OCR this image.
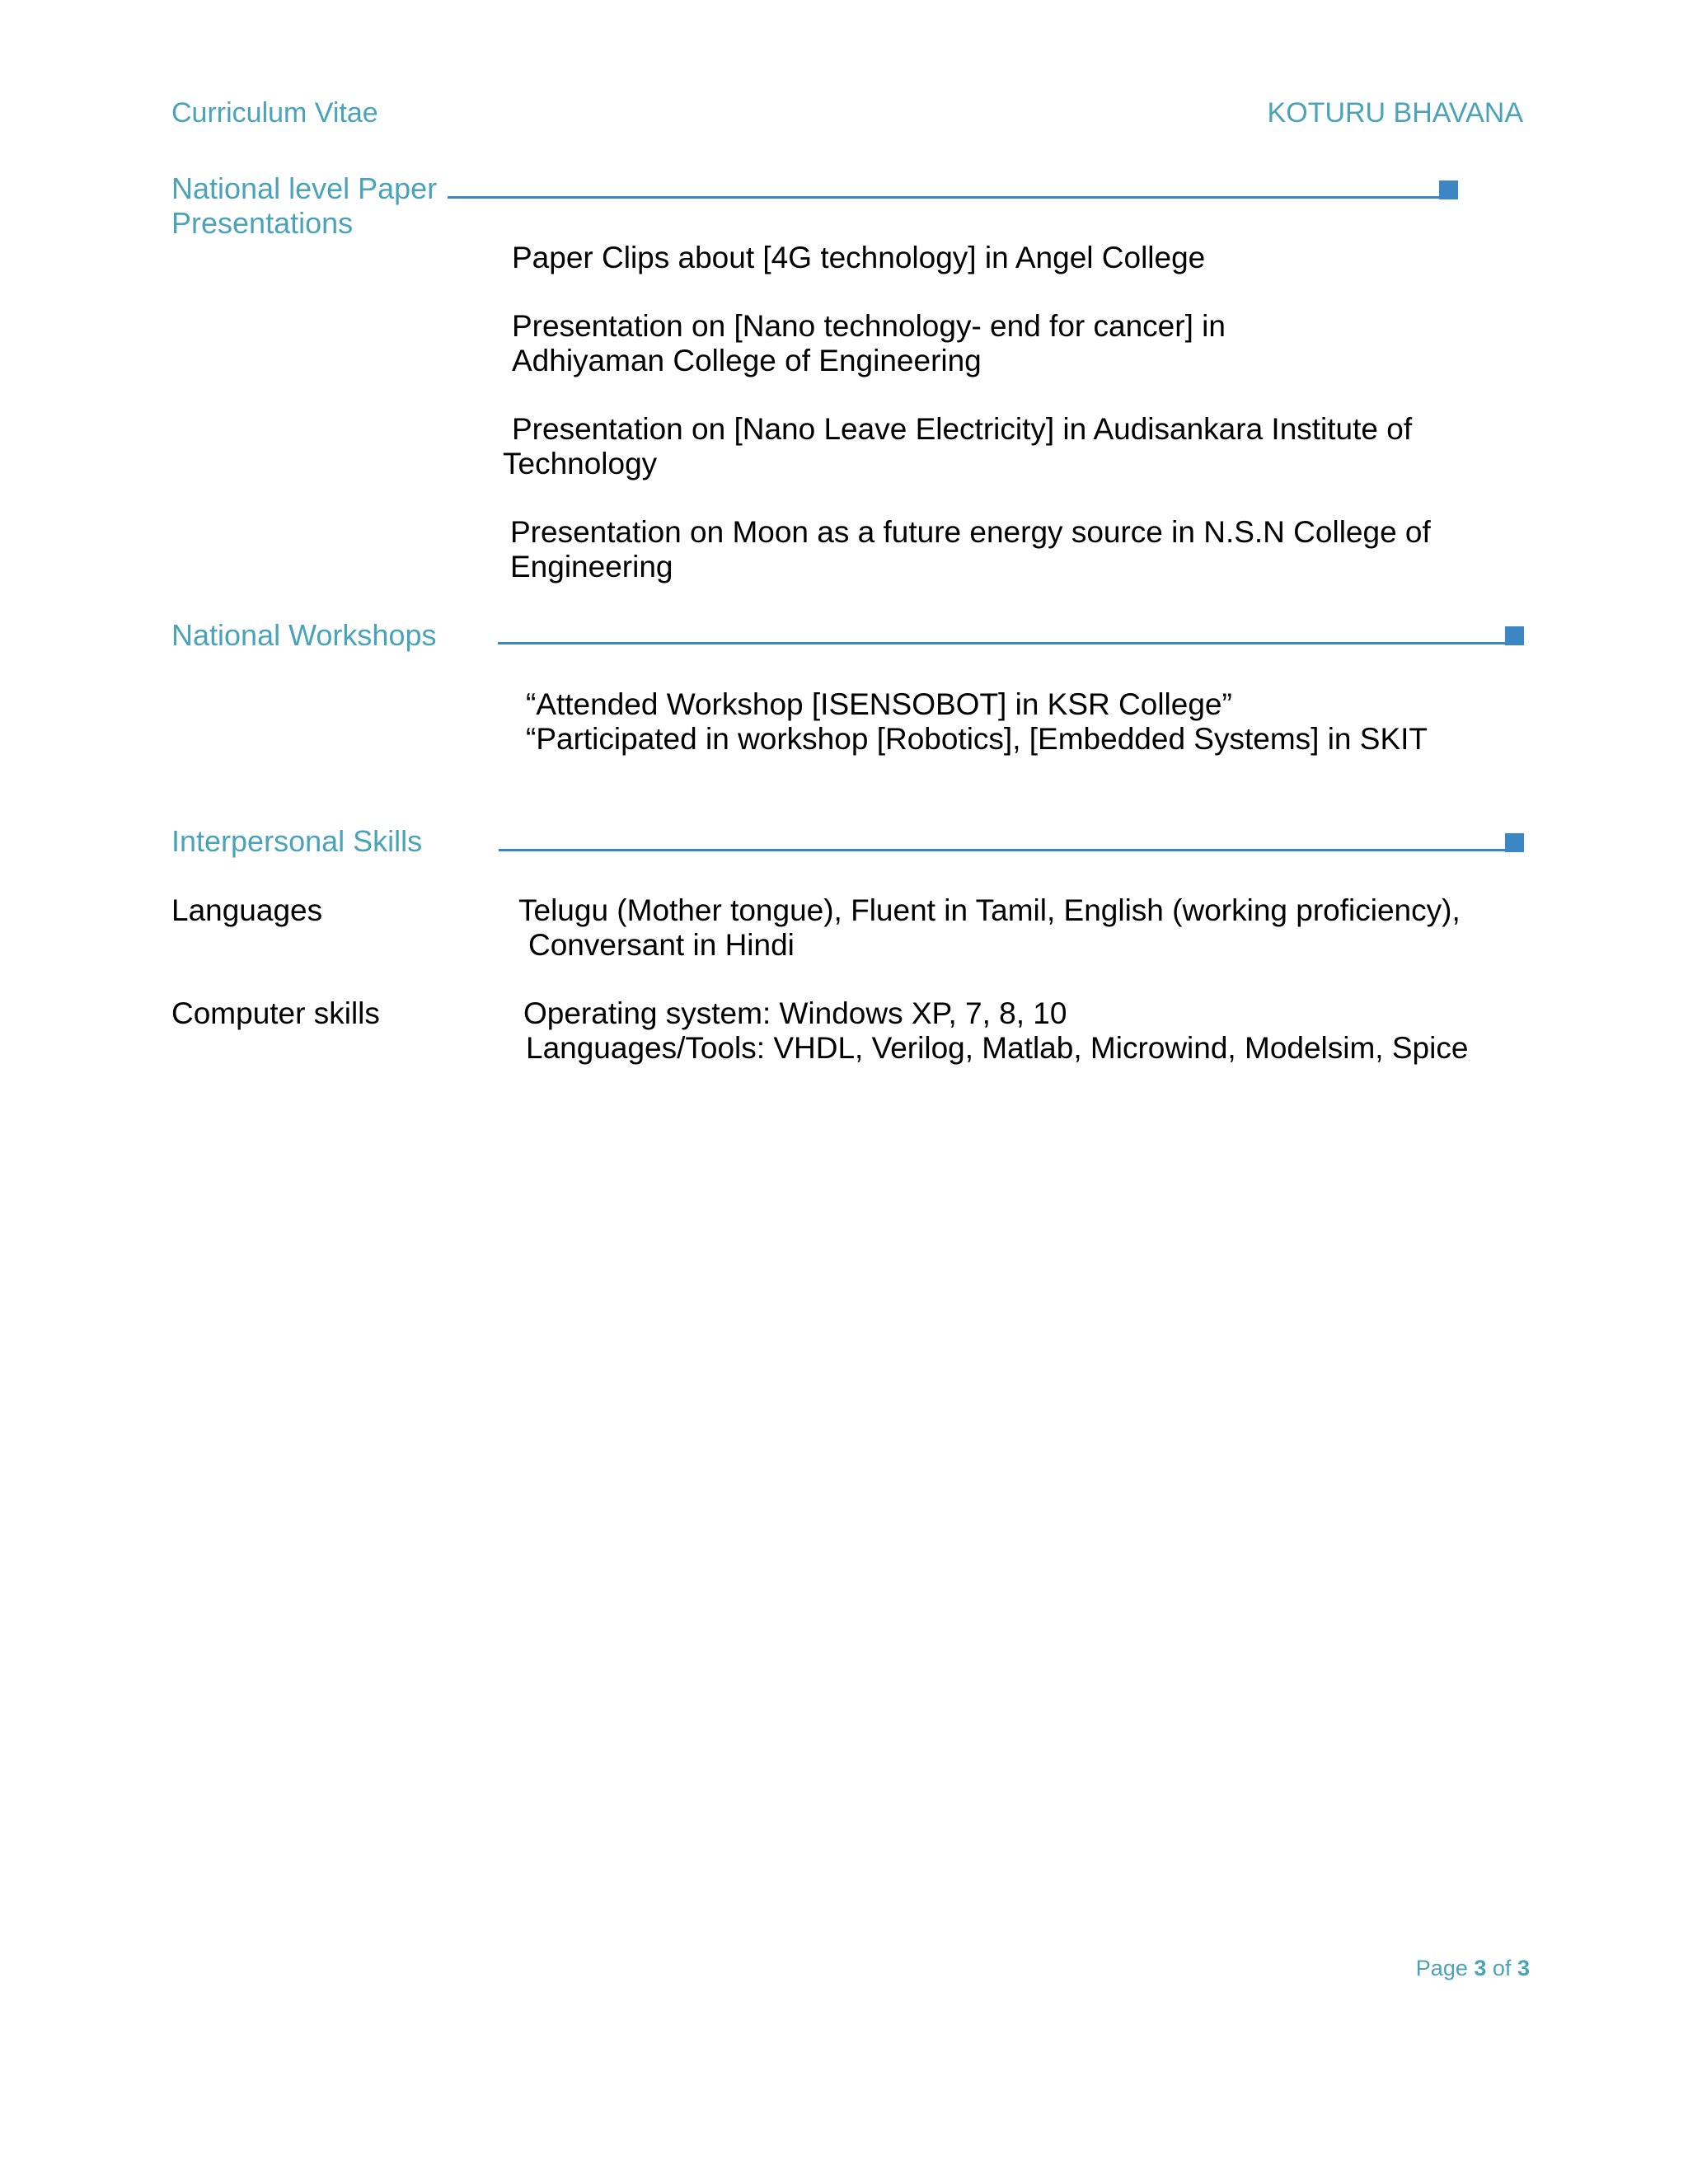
Curriculum Vitae	KOTURU BHAVANA
National level Paper
Presentations
Paper Clips about [4G technology] in Angel College
Presentation on [Nano technology- end for cancer] in
Adhiyaman College of Engineering
Presentation on [Nano Leave Electricity] in Audisankara Institute of
Technology
Presentation on Moon as a future energy source in N.S.N College of
Engineering
National Workshops
“Attended Workshop [ISENSOBOT] in KSR College”
“Participated in workshop [Robotics], [Embedded Systems] in SKIT
Interpersonal Skills
Languages	Telugu (Mother tongue), Fluent in Tamil, English (working proficiency),
Conversant in Hindi
Computer skills	Operating system: Windows XP, 7, 8, 10
Languages/Tools: VHDL, Verilog, Matlab, Microwind, Modelsim, Spice
Page 3 of 3
